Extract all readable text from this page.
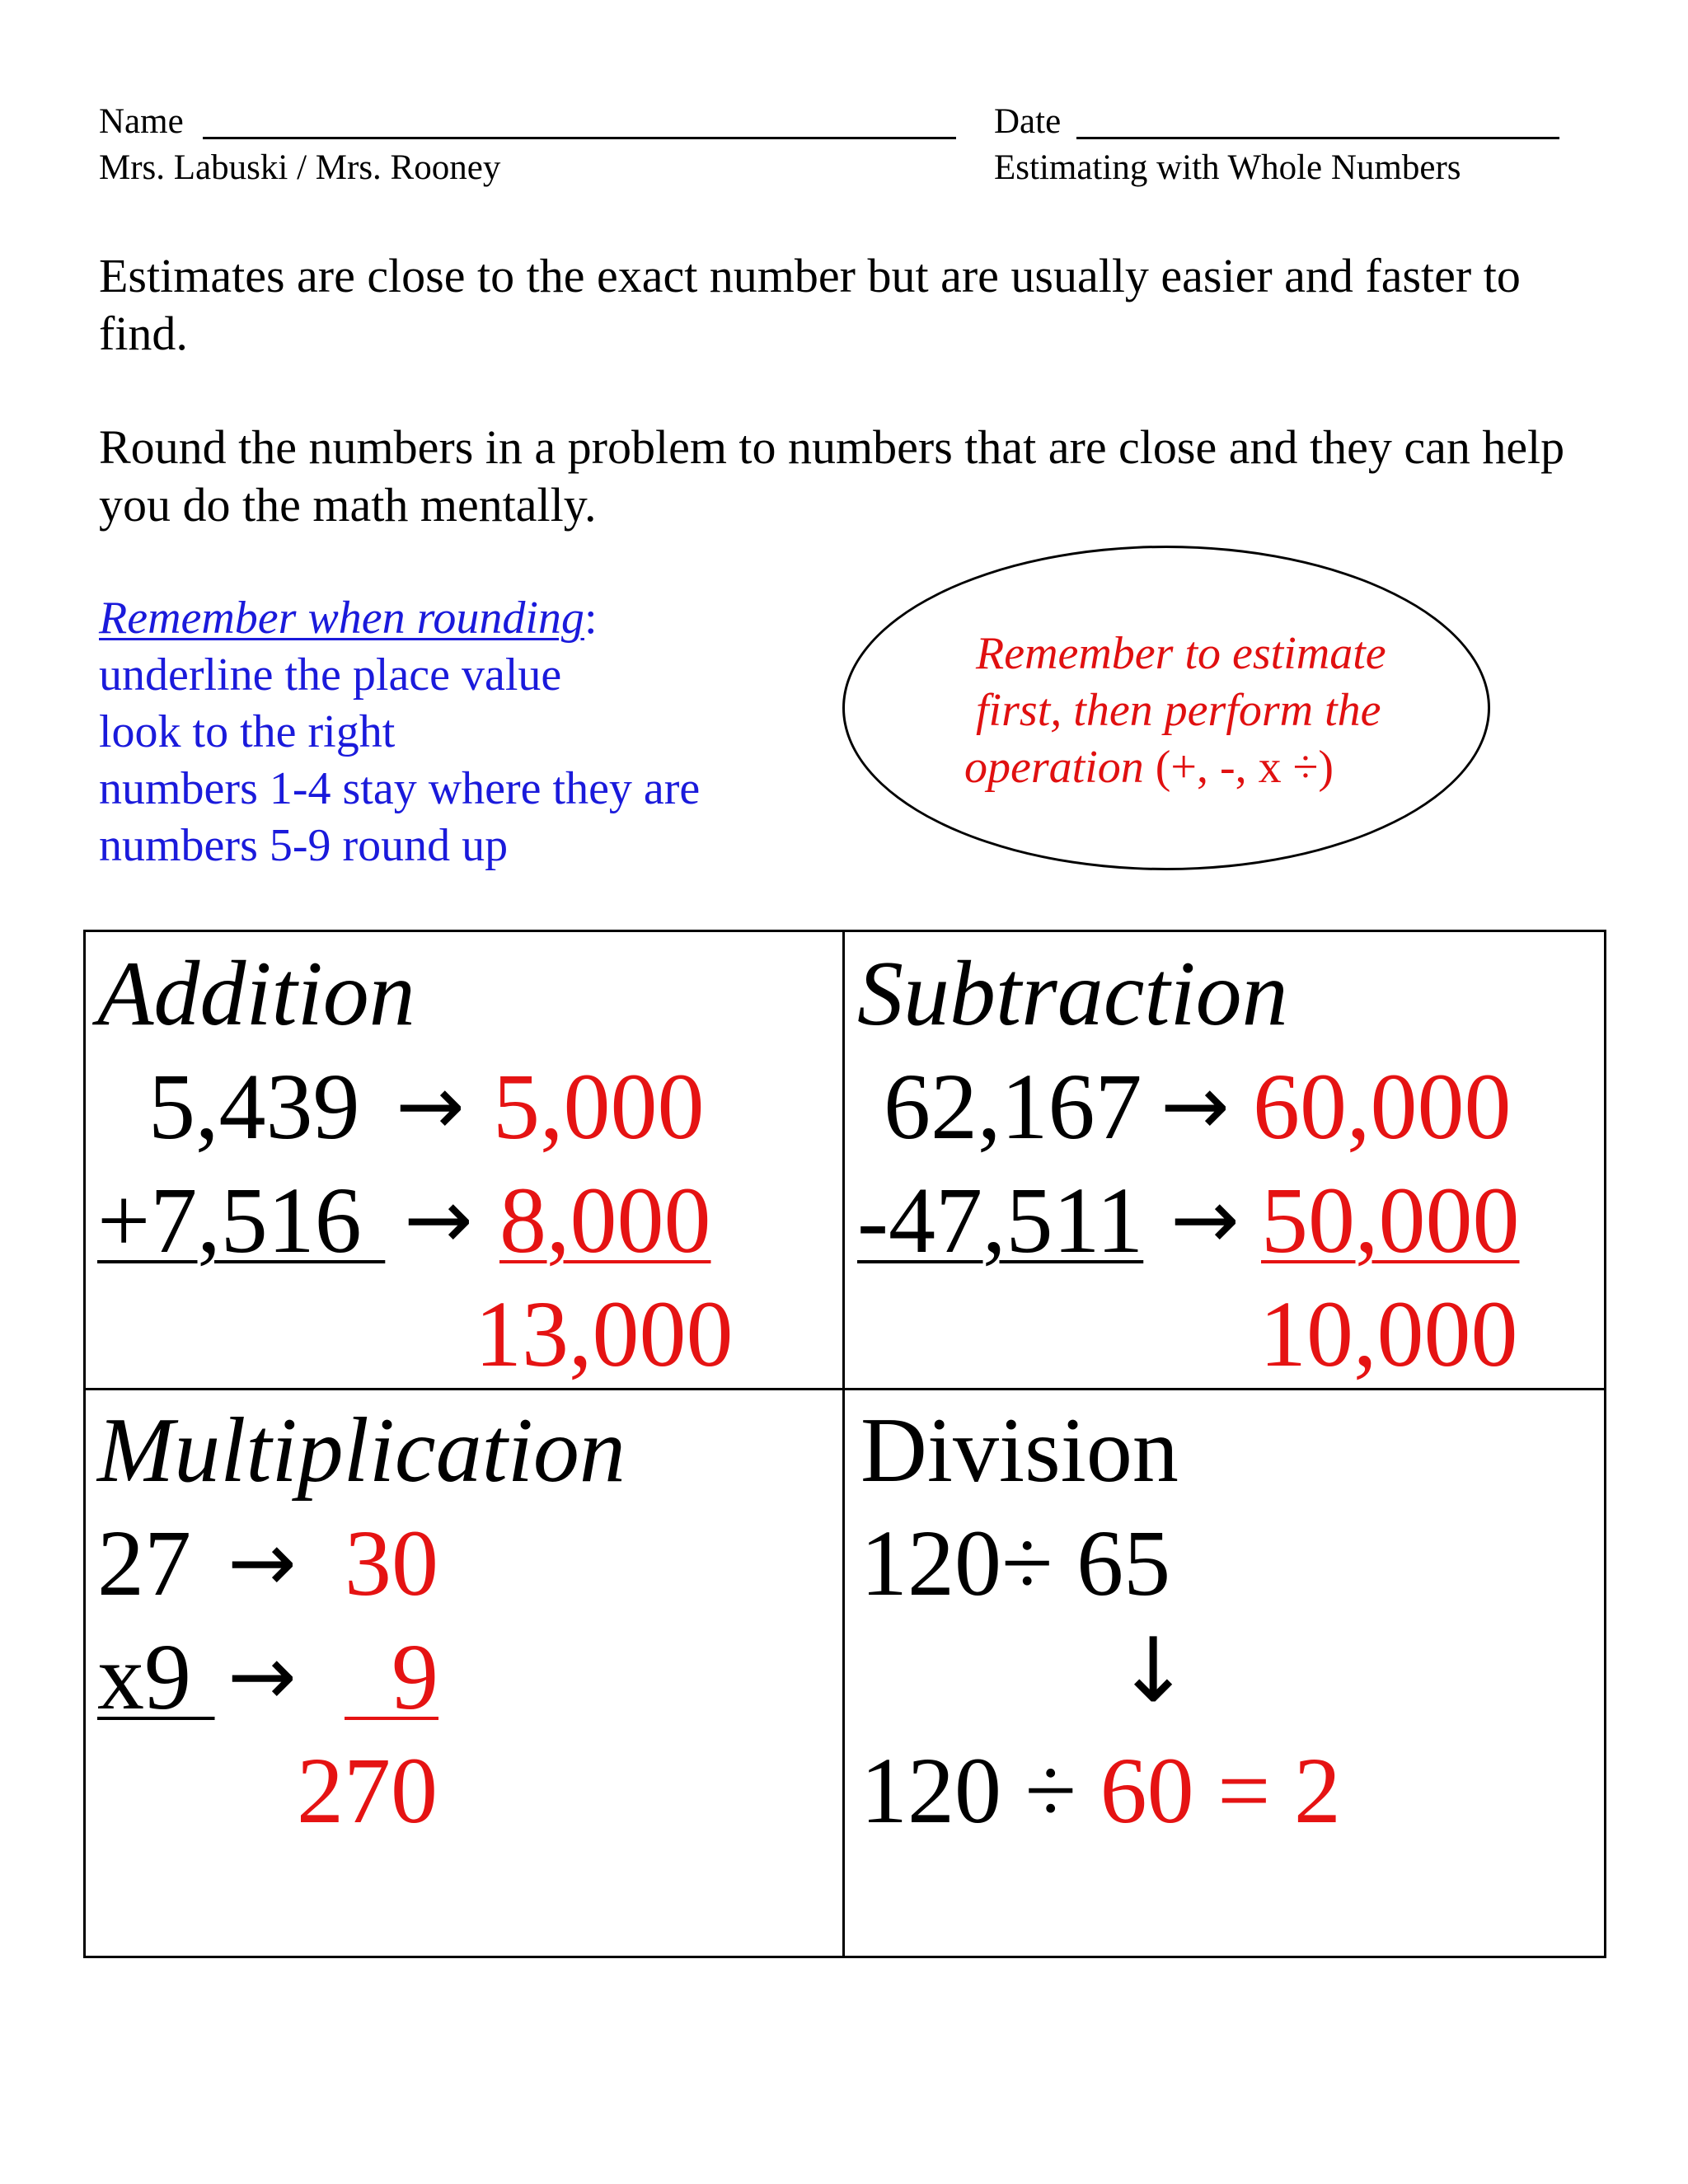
Name	Date
Mrs. Labuski / Mrs. Rooney	Estimating with Whole Numbers
Estimates are close to the exact number but are usually easier and faster to find.
Round the numbers in a problem to numbers that are close and they can help you do the math mentally.
Remember when rounding:
underline the place value
look to the right
numbers 1-4 stay where they are
numbers 5-9 round up
Remember to estimate
first, then perform the
operation (+, -, x ÷)
Addition
5,439 → 5,000
+7,516 → 8,000
13,000
Subtraction
62,167 → 60,000
-47,511 → 50,000
10,000
Multiplication
27 → 30
x9 → 9
270
Division
120÷ 65
↓
120 ÷ 60 = 2
